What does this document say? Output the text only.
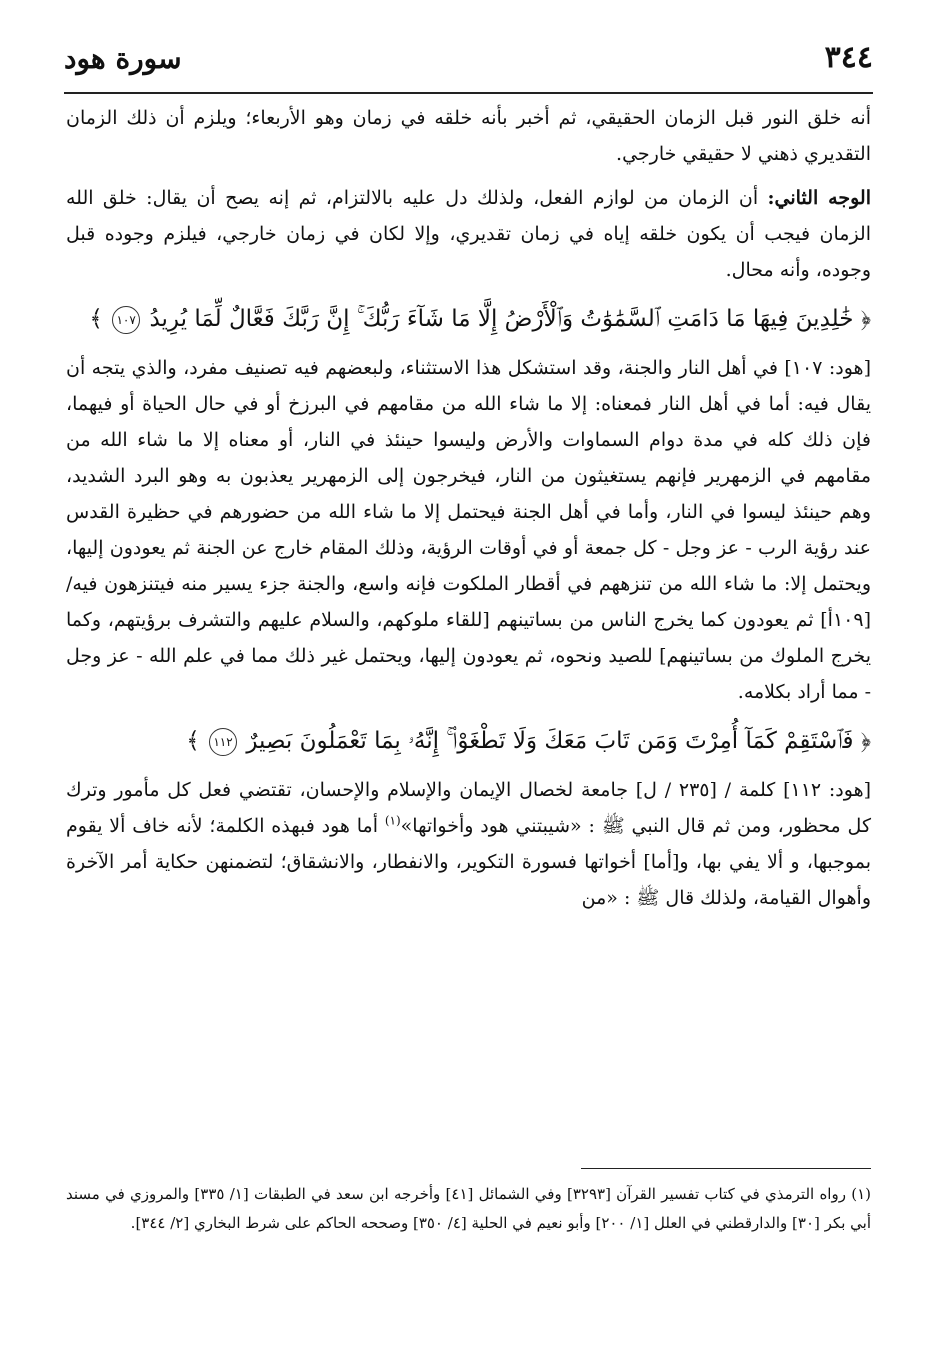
٣٤٤
سورة هود

أنه خلق النور قبل الزمان الحقيقي، ثم أخبر بأنه خلقه في زمان وهو الأربعاء؛ ويلزم أن ذلك الزمان التقديري ذهني لا حقيقي خارجي.

الوجه الثاني: أن الزمان من لوازم الفعل، ولذلك دل عليه بالالتزام، ثم إنه يصح أن يقال: خلق الله الزمان فيجب أن يكون خلقه إياه في زمان تقديري، وإلا لكان في زمان خارجي، فيلزم وجوده قبل وجوده، وأنه محال.

﴿ خَٰلِدِينَ فِيهَا مَا دَامَتِ ٱلسَّمَٰوَٰتُ وَٱلْأَرْضُ إِلَّا مَا شَآءَ رَبُّكَ ۚ إِنَّ رَبَّكَ فَعَّالٌ لِّمَا يُرِيدُ ١٠٧ ﴾

[هود: ١٠٧] في أهل النار والجنة، وقد استشكل هذا الاستثناء، ولبعضهم فيه تصنيف مفرد، والذي يتجه أن يقال فيه: أما في أهل النار فمعناه: إلا ما شاء الله من مقامهم في البرزخ أو في حال الحياة أو فيهما، فإن ذلك كله في مدة دوام السماوات والأرض وليسوا حينئذ في النار، أو معناه إلا ما شاء الله من مقامهم في الزمهرير فإنهم يستغيثون من النار، فيخرجون إلى الزمهرير يعذبون به وهو البرد الشديد، وهم حينئذ ليسوا في النار، وأما في أهل الجنة فيحتمل إلا ما شاء الله من حضورهم في حظيرة القدس عند رؤية الرب - عز وجل - كل جمعة أو في أوقات الرؤية، وذلك المقام خارج عن الجنة ثم يعودون إليها، ويحتمل إلا: ما شاء الله من تنزههم في أقطار الملكوت فإنه واسع، والجنة جزء يسير منه فيتنزهون فيه/ [١٠٩أ] ثم يعودون كما يخرج الناس من بساتينهم [للقاء ملوكهم، والسلام عليهم والتشرف برؤيتهم، وكما يخرج الملوك من بساتينهم] للصيد ونحوه، ثم يعودون إليها، ويحتمل غير ذلك مما في علم الله - عز وجل - مما أراد بكلامه.

﴿ فَٱسْتَقِمْ كَمَآ أُمِرْتَ وَمَن تَابَ مَعَكَ وَلَا تَطْغَوْا۟ ۚ إِنَّهُۥ بِمَا تَعْمَلُونَ بَصِيرٌ ١١٢ ﴾

[هود: ١١٢] كلمة / [٢٣٥ / ل] جامعة لخصال الإيمان والإسلام والإحسان، تقتضي فعل كل مأمور وترك كل محظور، ومن ثم قال النبي ﷺ : «شيبتني هود وأخواتها»$^{(١)}$ أما هود فبهذه الكلمة؛ لأنه خاف ألا يقوم بموجبها، و ألا يفي بها، و[أما] أخواتها فسورة التكوير، والانفطار، والانشقاق؛ لتضمنهن حكاية أمر الآخرة وأهوال القيامة، ولذلك قال ﷺ : «من

(١) رواه الترمذي في كتاب تفسير القرآن [٣٢٩٣] وفي الشمائل [٤١] وأخرجه ابن سعد في الطبقات [١/ ٣٣٥] والمروزي في مسند أبي بكر [٣٠] والدارقطني في العلل [١/ ٢٠٠] وأبو نعيم في الحلية [٤/ ٣٥٠] وصححه الحاكم على شرط البخاري [٢/ ٣٤٤].
